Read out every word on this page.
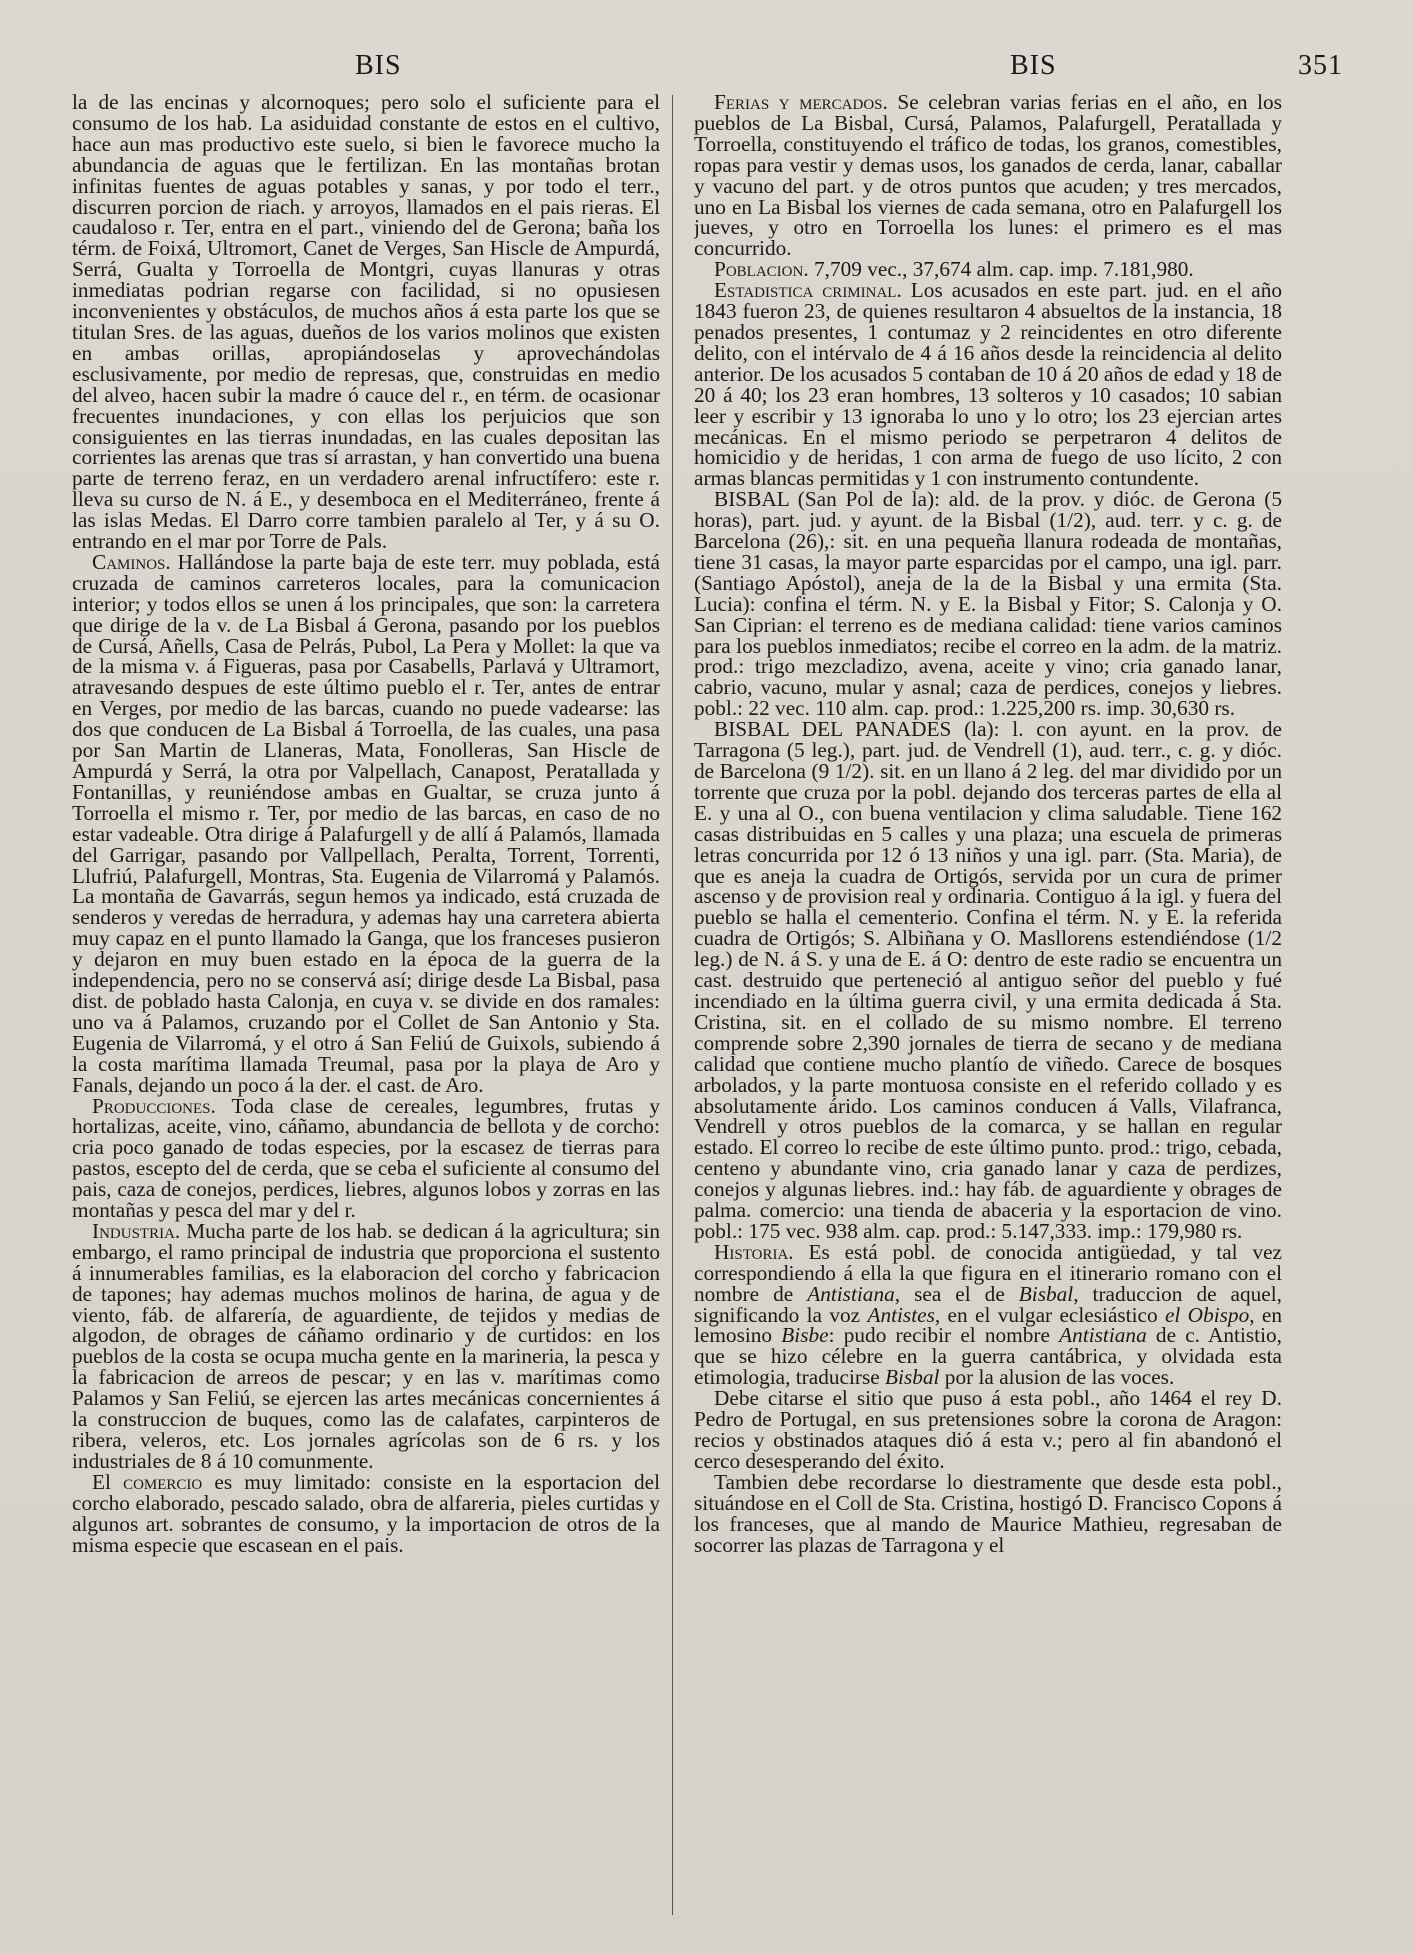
BIS	BIS	351

la de las encinas y alcornoques; pero solo el suficiente para el consumo de los hab. La asiduidad constante de estos en el cultivo, hace aun mas productivo este suelo, si bien le favorece mucho la abundancia de aguas que le fertilizan. En las montañas brotan infinitas fuentes de aguas potables y sanas, y por todo el terr., discurren porcion de riach. y arroyos, llamados en el pais rieras. El caudaloso r. Ter, entra en el part., viniendo del de Gerona; baña los térm. de Foixá, Ultromort, Canet de Verges, San Hiscle de Ampurdá, Serrá, Gualta y Torroella de Montgri, cuyas llanuras y otras inmediatas podrian regarse con facilidad, si no opusiesen inconvenientes y obstáculos, de muchos años á esta parte los que se titulan Sres. de las aguas, dueños de los varios molinos que existen en ambas orillas, apropiándoselas y aprovechándolas esclusivamente, por medio de represas, que, construidas en medio del alveo, hacen subir la madre ó cauce del r., en térm. de ocasionar frecuentes inundaciones, y con ellas los perjuicios que son consiguientes en las tierras inundadas, en las cuales depositan las corrientes las arenas que tras sí arrastan, y han convertido una buena parte de terreno feraz, en un verdadero arenal infructífero: este r. lleva su curso de N. á E., y desemboca en el Mediterráneo, frente á las islas Medas. El Darro corre tambien paralelo al Ter, y á su O. entrando en el mar por Torre de Pals.

Caminos. Hallándose la parte baja de este terr. muy poblada, está cruzada de caminos carreteros locales, para la comunicacion interior; y todos ellos se unen á los principales, que son: la carretera que dirige de la v. de La Bisbal á Gerona, pasando por los pueblos de Cursá, Añells, Casa de Pelrás, Pubol, La Pera y Mollet: la que va de la misma v. á Figueras, pasa por Casabells, Parlavá y Ultramort, atravesando despues de este último pueblo el r. Ter, antes de entrar en Verges, por medio de las barcas, cuando no puede vadearse: las dos que conducen de La Bisbal á Torroella, de las cuales, una pasa por San Martin de Llaneras, Mata, Fonolleras, San Hiscle de Ampurdá y Serrá, la otra por Valpellach, Canapost, Peratallada y Fontanillas, y reuniéndose ambas en Gualtar, se cruza junto á Torroella el mismo r. Ter, por medio de las barcas, en caso de no estar vadeable. Otra dirige á Palafurgell y de allí á Palamós, llamada del Garrigar, pasando por Vallpellach, Peralta, Torrent, Torrenti, Llufriú, Palafurgell, Montras, Sta. Eugenia de Vilarromá y Palamós. La montaña de Gavarrás, segun hemos ya indicado, está cruzada de senderos y veredas de herradura, y ademas hay una carretera abierta muy capaz en el punto llamado la Ganga, que los franceses pusieron y dejaron en muy buen estado en la época de la guerra de la independencia, pero no se conservá así; dirige desde La Bisbal, pasa dist. de poblado hasta Calonja, en cuya v. se divide en dos ramales: uno va á Palamos, cruzando por el Collet de San Antonio y Sta. Eugenia de Vilarromá, y el otro á San Feliú de Guixols, subiendo á la costa marítima llamada Treumal, pasa por la playa de Aro y Fanals, dejando un poco á la der. el cast. de Aro.

Producciones. Toda clase de cereales, legumbres, frutas y hortalizas, aceite, vino, cáñamo, abundancia de bellota y de corcho: cria poco ganado de todas especies, por la escasez de tierras para pastos, escepto del de cerda, que se ceba el suficiente al consumo del pais, caza de conejos, perdices, liebres, algunos lobos y zorras en las montañas y pesca del mar y del r.

Industria. Mucha parte de los hab. se dedican á la agricultura; sin embargo, el ramo principal de industria que proporciona el sustento á innumerables familias, es la elaboracion del corcho y fabricacion de tapones; hay ademas muchos molinos de harina, de agua y de viento, fáb. de alfarería, de aguardiente, de tejidos y medias de algodon, de obrages de cáñamo ordinario y de curtidos: en los pueblos de la costa se ocupa mucha gente en la marineria, la pesca y la fabricacion de arreos de pescar; y en las v. marítimas como Palamos y San Feliú, se ejercen las artes mecánicas concernientes á la construccion de buques, como las de calafates, carpinteros de ribera, veleros, etc. Los jornales agrícolas son de 6 rs. y los industriales de 8 á 10 comunmente.

El comercio es muy limitado: consiste en la esportacion del corcho elaborado, pescado salado, obra de alfareria, pieles curtidas y algunos art. sobrantes de consumo, y la importacion de otros de la misma especie que escasean en el pais.

Ferias y mercados. Se celebran varias ferias en el año, en los pueblos de La Bisbal, Cursá, Palamos, Palafurgell, Peratallada y Torroella, constituyendo el tráfico de todas, los granos, comestibles, ropas para vestir y demas usos, los ganados de cerda, lanar, caballar y vacuno del part. y de otros puntos que acuden; y tres mercados, uno en La Bisbal los viernes de cada semana, otro en Palafurgell los jueves, y otro en Torroella los lunes: el primero es el mas concurrido.

Poblacion. 7,709 vec., 37,674 alm. cap. imp. 7.181,980.

Estadistica criminal. Los acusados en este part. jud. en el año 1843 fueron 23, de quienes resultaron 4 absueltos de la instancia, 18 penados presentes, 1 contumaz y 2 reincidentes en otro diferente delito, con el intérvalo de 4 á 16 años desde la reincidencia al delito anterior. De los acusados 5 contaban de 10 á 20 años de edad y 18 de 20 á 40; los 23 eran hombres, 13 solteros y 10 casados; 10 sabian leer y escribir y 13 ignoraba lo uno y lo otro; los 23 ejercian artes mecánicas. En el mismo periodo se perpetraron 4 delitos de homicidio y de heridas, 1 con arma de fuego de uso lícito, 2 con armas blancas permitidas y 1 con instrumento contundente.

BISBAL (San Pol de la): ald. de la prov. y dióc. de Gerona (5 horas), part. jud. y ayunt. de la Bisbal (1/2), aud. terr. y c. g. de Barcelona (26),: sit. en una pequeña llanura rodeada de montañas, tiene 31 casas, la mayor parte esparcidas por el campo, una igl. parr. (Santiago Apóstol), aneja de la de la Bisbal y una ermita (Sta. Lucia): confina el térm. N. y E. la Bisbal y Fitor; S. Calonja y O. San Ciprian: el terreno es de mediana calidad: tiene varios caminos para los pueblos inmediatos; recibe el correo en la adm. de la matriz. prod.: trigo mezcladizo, avena, aceite y vino; cria ganado lanar, cabrio, vacuno, mular y asnal; caza de perdices, conejos y liebres. pobl.: 22 vec. 110 alm. cap. prod.: 1.225,200 rs. imp. 30,630 rs.

BISBAL DEL PANADES (la): l. con ayunt. en la prov. de Tarragona (5 leg.), part. jud. de Vendrell (1), aud. terr., c. g. y dióc. de Barcelona (9 1/2). sit. en un llano á 2 leg. del mar dividido por un torrente que cruza por la pobl. dejando dos terceras partes de ella al E. y una al O., con buena ventilacion y clima saludable. Tiene 162 casas distribuidas en 5 calles y una plaza; una escuela de primeras letras concurrida por 12 ó 13 niños y una igl. parr. (Sta. Maria), de que es aneja la cuadra de Ortigós, servida por un cura de primer ascenso y de provision real y ordinaria. Contiguo á la igl. y fuera del pueblo se halla el cementerio. Confina el térm. N. y E. la referida cuadra de Ortigós; S. Albiñana y O. Masllorens estendiéndose (1/2 leg.) de N. á S. y una de E. á O: dentro de este radio se encuentra un cast. destruido que perteneció al antiguo señor del pueblo y fué incendiado en la última guerra civil, y una ermita dedicada á Sta. Cristina, sit. en el collado de su mismo nombre. El terreno comprende sobre 2,390 jornales de tierra de secano y de mediana calidad que contiene mucho plantío de viñedo. Carece de bosques arbolados, y la parte montuosa consiste en el referido collado y es absolutamente árido. Los caminos conducen á Valls, Vilafranca, Vendrell y otros pueblos de la comarca, y se hallan en regular estado. El correo lo recibe de este último punto. prod.: trigo, cebada, centeno y abundante vino, cria ganado lanar y caza de perdizes, conejos y algunas liebres. ind.: hay fáb. de aguardiente y obrages de palma. comercio: una tienda de abaceria y la esportacion de vino. pobl.: 175 vec. 938 alm. cap. prod.: 5.147,333. imp.: 179,980 rs.

Historia. Es está pobl. de conocida antigüedad, y tal vez correspondiendo á ella la que figura en el itinerario romano con el nombre de Antistiana, sea el de Bisbal, traduccion de aquel, significando la voz Antistes, en el vulgar eclesiástico el Obispo, en lemosino Bisbe: pudo recibir el nombre Antistiana de c. Antistio, que se hizo célebre en la guerra cantábrica, y olvidada esta etimologia, traducirse Bisbal por la alusion de las voces.

Debe citarse el sitio que puso á esta pobl., año 1464 el rey D. Pedro de Portugal, en sus pretensiones sobre la corona de Aragon: recios y obstinados ataques dió á esta v.; pero al fin abandonó el cerco desesperando del éxito.

Tambien debe recordarse lo diestramente que desde esta pobl., situándose en el Coll de Sta. Cristina, hostigó D. Francisco Copons á los franceses, que al mando de Maurice Mathieu, regresaban de socorrer las plazas de Tarragona y el
